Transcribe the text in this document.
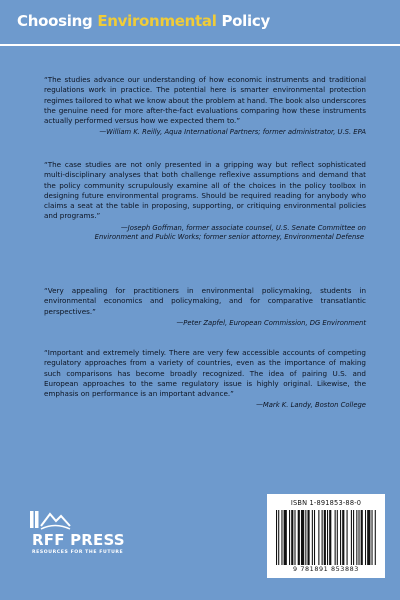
Choosing Environmental Policy

“The studies advance our understanding of how economic instruments and traditional regulations work in practice. The potential here is smarter environmental protection regimes tailored to what we know about the problem at hand. The book also underscores the genuine need for more after-the-fact evaluations comparing how these instruments actually performed versus how we expected them to.”

—William K. Reilly, Aqua International Partners; former administrator, U.S. EPA

“The case studies are not only presented in a gripping way but reflect sophisticated multi-disciplinary analyses that both challenge reflexive assumptions and demand that the policy community scrupulously examine all of the choices in the policy toolbox in designing future environmental programs. Should be required reading for anybody who claims a seat at the table in proposing, supporting, or critiquing environmental policies and programs.”

—Joseph Goffman, former associate counsel, U.S. Senate Committee on
Environment and Public Works; former senior attorney, Environmental Defense

“Very appealing for practitioners in environmental policymaking, students in environmental economics and policymaking, and for comparative transatlantic perspectives.”

—Peter Zapfel, European Commission, DG Environment

“Important and extremely timely. There are very few accessible accounts of competing regulatory approaches from a variety of countries, even as the importance of making such comparisons has become broadly recognized. The idea of pairing U.S. and European approaches to the same regulatory issue is highly original. Likewise, the emphasis on performance is an important advance.”

—Mark K. Landy, Boston College
RFF PRESS
RESOURCES FOR THE FUTURE
ISBN 1-891853-88-0
9 781891 853883
